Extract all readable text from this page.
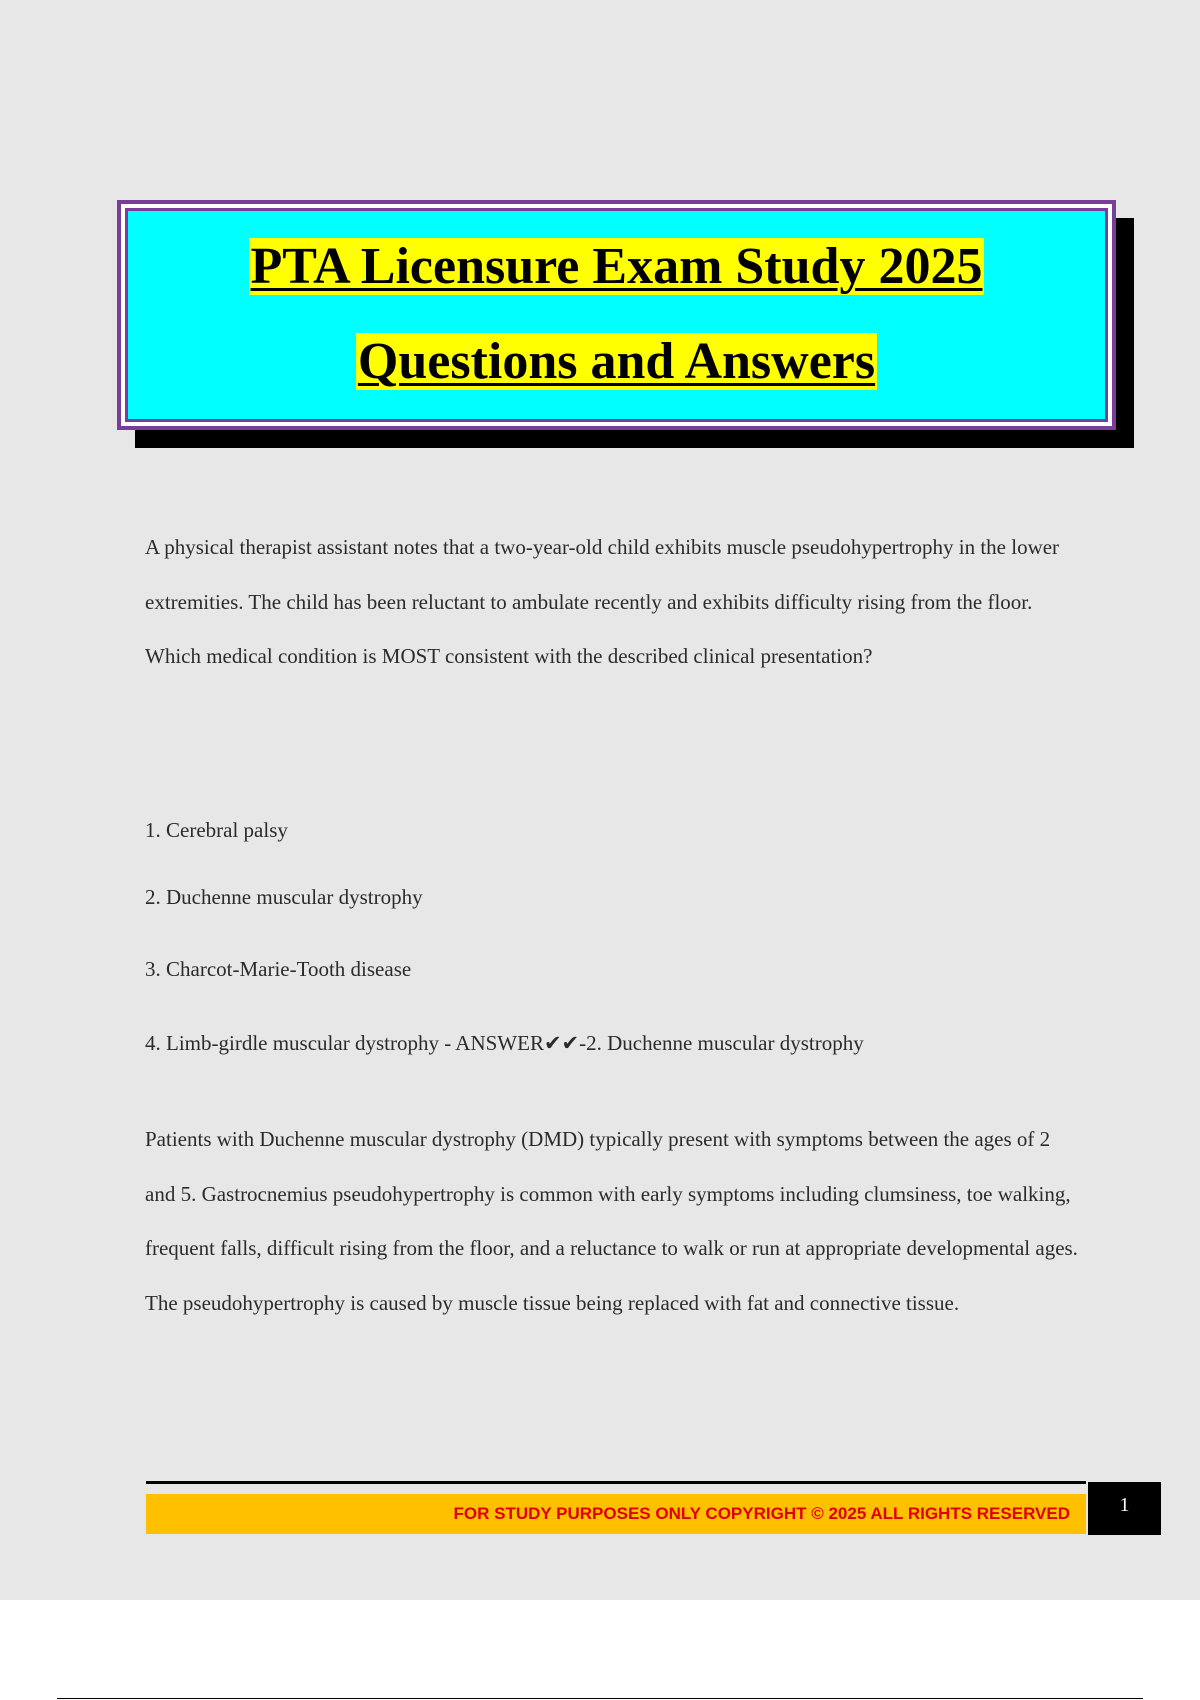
PTA Licensure Exam Study 2025
Questions and Answers

A physical therapist assistant notes that a two-year-old child exhibits muscle pseudohypertrophy in the lower extremities. The child has been reluctant to ambulate recently and exhibits difficulty rising from the floor. Which medical condition is MOST consistent with the described clinical presentation?

1. Cerebral palsy
2. Duchenne muscular dystrophy
3. Charcot-Marie-Tooth disease
4. Limb-girdle muscular dystrophy - ANSWER✔✔-2. Duchenne muscular dystrophy

Patients with Duchenne muscular dystrophy (DMD) typically present with symptoms between the ages of 2 and 5. Gastrocnemius pseudohypertrophy is common with early symptoms including clumsiness, toe walking, frequent falls, difficult rising from the floor, and a reluctance to walk or run at appropriate developmental ages. The pseudohypertrophy is caused by muscle tissue being replaced with fat and connective tissue.

FOR STUDY PURPOSES ONLY COPYRIGHT © 2025 ALL RIGHTS RESERVED	1
